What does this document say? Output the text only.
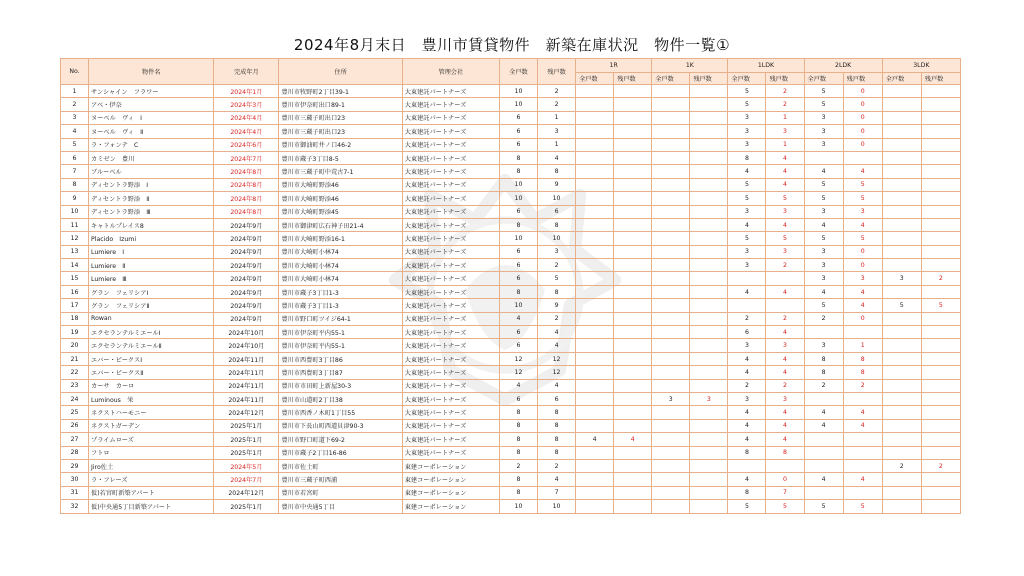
2024年8月末日　豊川市賃貸物件　新築在庫状況　物件一覧①
No.	物件名	完成年月	住所	管理会社	全戸数	残戸数	1R		1K		1LDK		2LDK		3LDK	
							全戸数	残戸数	全戸数	残戸数	全戸数	残戸数	全戸数	残戸数	全戸数	残戸数
1	サンシャイン　フラワー	2024年1月	豊川市牧野町2丁目39-1	大東建託パートナーズ	10	2					5	2	5	0		
2	アベ・伊奈	2024年3月	豊川市伊奈町出口89-1	大東建託パートナーズ	10	2					5	2	5	0		
3	ヌーベル　ヴィ　Ⅰ	2024年4月	豊川市三蔵子町出口23	大東建託パートナーズ	6	1					3	1	3	0		
4	ヌーベル　ヴィ　Ⅱ	2024年4月	豊川市三蔵子町出口23	大東建託パートナーズ	6	3					3	3	3	0		
5	ラ・フォンテ　C	2024年6月	豊川市御油町井ノ口46-2	大東建託パートナーズ	6	1					3	1	3	0		
6	カミゼン　豊川	2024年7月	豊川市蔵子3丁目8-5	大東建託パートナーズ	8	4					8	4				
7	ブルーベル	2024年8月	豊川市三蔵子町中荒古7-1	大東建託パートナーズ	8	8					4	4	4	4		
8	ディセントラ野添　Ⅰ	2024年8月	豊川市大崎町野添46	大東建託パートナーズ	10	9					5	4	5	5		
9	ディセントラ野添　Ⅱ	2024年8月	豊川市大崎町野添46	大東建託パートナーズ	10	10					5	5	5	5		
10	ディセントラ野添　Ⅲ	2024年8月	豊川市大崎町野添45	大東建託パートナーズ	6	6					3	3	3	3		
11	キャトルプレイス8	2024年9月	豊川市御津町広石神子田21-4	大東建託パートナーズ	8	8					4	4	4	4		
12	Placido　Izumi	2024年9月	豊川市大崎町野添16-1	大東建託パートナーズ	10	10					5	5	5	5		
13	Lumiere　Ⅰ	2024年9月	豊川市大崎町小林74	大東建託パートナーズ	6	3					3	3	3	0		
14	Lumiere　Ⅱ	2024年9月	豊川市大崎町小林74	大東建託パートナーズ	6	2					3	2	3	0		
15	Lumiere　Ⅲ	2024年9月	豊川市大崎町小林74	大東建託パートナーズ	6	5							3	3	3	2
16	グラン　フェリシアⅠ	2024年9月	豊川市蔵子3丁目1-3	大東建託パートナーズ	8	8					4	4	4	4		
17	グラン　フェリシアⅡ	2024年9月	豊川市蔵子3丁目1-3	大東建託パートナーズ	10	9							5	4	5	5
18	Rowan	2024年9月	豊川市野口町ツイジ64-1	大東建託パートナーズ	4	2					2	2	2	0		
19	エクセランテルミエールⅠ	2024年10月	豊川市伊奈町平内55-1	大東建託パートナーズ	6	4					6	4				
20	エクセランテルミエールⅡ	2024年10月	豊川市伊奈町平内55-1	大東建託パートナーズ	6	4					3	3	3	1		
21	エバー・ピークスⅠ	2024年11月	豊川市西豊町3丁目86	大東建託パートナーズ	12	12					4	4	8	8		
22	エバー・ピークスⅡ	2024年11月	豊川市西豊町3丁目87	大東建託パートナーズ	12	12					4	4	8	8		
23	カーサ　カーロ	2024年11月	豊川市市田町上新屋30-3	大東建託パートナーズ	4	4					2	2	2	2		
24	Luminous　栄	2024年11月	豊川市山道町2丁目38	大東建託パートナーズ	6	6			3	3	3	3				
25	ネクストハーモニー	2024年12月	豊川市西香ノ木町1丁目55	大東建託パートナーズ	8	8					4	4	4	4		
26	ネクストガーデン	2025年1月	豊川市下長山町西道貝津90-3	大東建託パートナーズ	8	8					4	4	4	4		
27	プライムローズ	2025年1月	豊川市野口町道下69-2	大東建託パートナーズ	8	8	4	4			4	4				
28	フトロ	2025年1月	豊川市蔵子2丁目16-86	大東建託パートナーズ	8	8					8	8				
29	Jiro佐土	2024年5月	豊川市佐土町	東建コーポレーション	2	2									2	2
30	ラ・フレーズ	2024年7月	豊川市三蔵子町西浦	東建コーポレーション	8	4					4	0	4	4		
31	仮)若宮町新築アパート	2024年12月	豊川市若宮町	東建コーポレーション	8	7					8	7				
32	仮)中央通5丁目新築アパート	2025年1月	豊川市中央通5丁目	東建コーポレーション	10	10					5	5	5	5		
